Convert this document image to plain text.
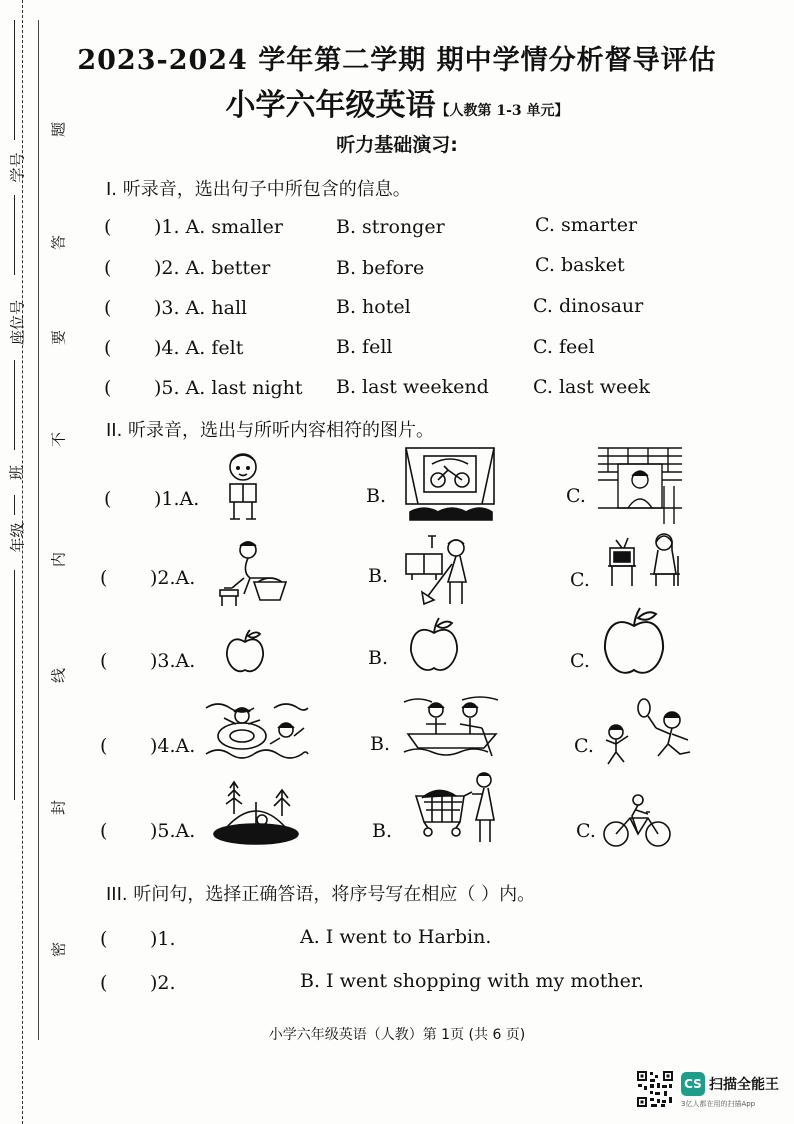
学号
座位号
班
年级
题
答
要
不
内
线
封
密
2023-2024 学年第二学期 期中学情分析督导评估
小学六年级英语【人教第 1-3 单元】
听力基础演习:
I. 听录音，选出句子中所包含的信息。
( )1. A. smaller	B. stronger	C. smarter
( )2. A. better	B. before	C. basket
( )3. A. hall	B. hotel	C. dinosaur
( )4. A. felt	B. fell	C. feel
( )5. A. last night B. last weekend C. last week
II. 听录音，选出与所听内容相符的图片。
( )1.A.	B.	C.
( )2.A.	B.	C.
( )3.A.	B.	C.
( )4.A.	B.	C.
( )5.A.	B.	C.
III. 听问句，选择正确答语，将序号写在相应（ ）内。
( )1.	A. I went to Harbin.
( )2.	B. I went shopping with my mother.
小学六年级英语（人教）第 1页 (共 6 页)
CS 扫描全能王
3亿人都在用的扫描App
